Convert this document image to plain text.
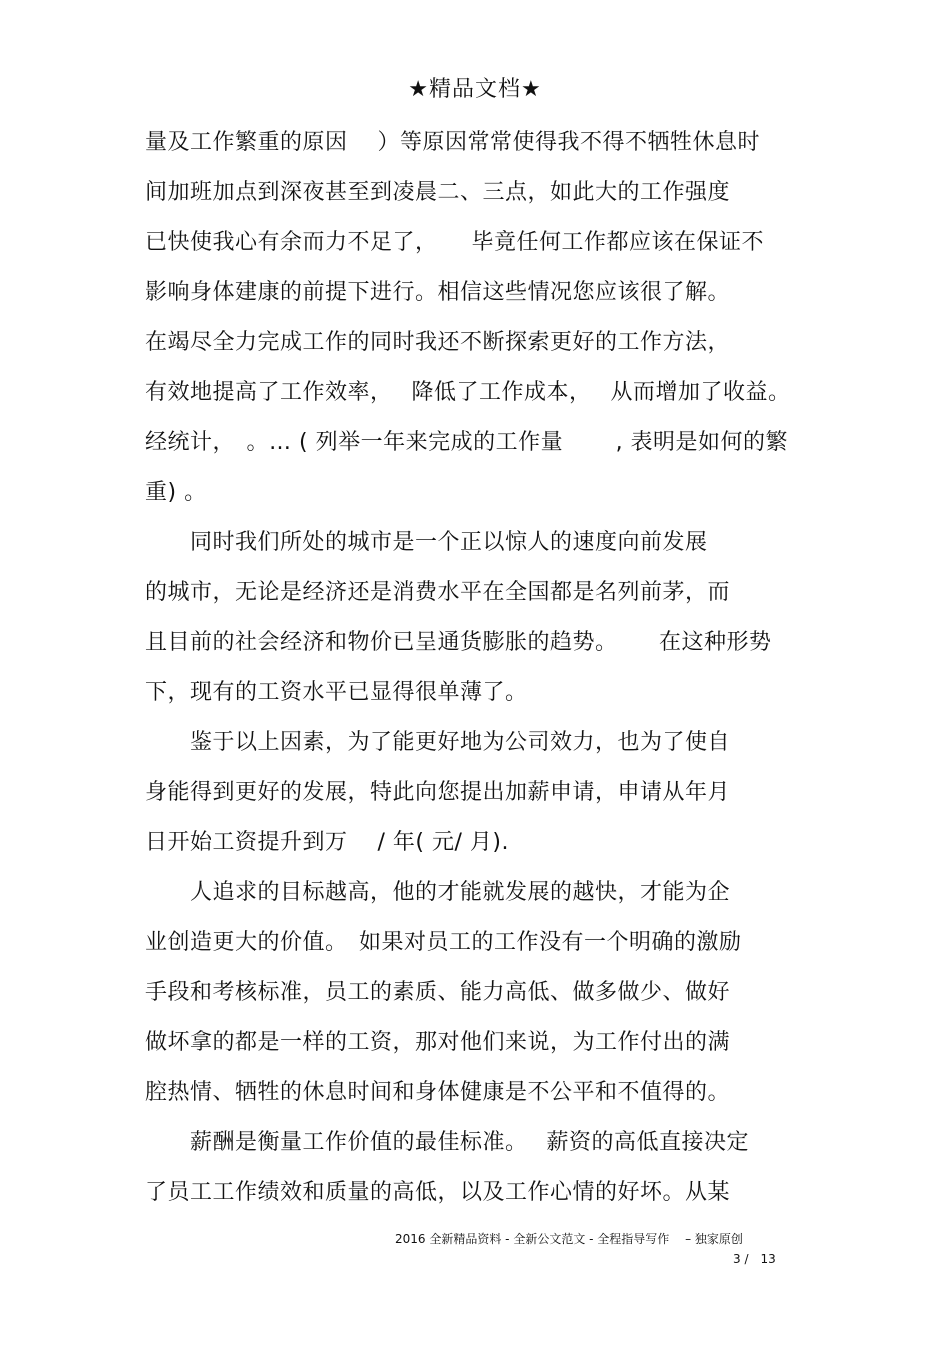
★精品文档★
量及工作繁重的原因　 ）等原因常常使得我不得不牺牲休息时
间加班加点到深夜甚至到凌晨二、三点，如此大的工作强度
已快使我心有余而力不足了，　　毕竟任何工作都应该在保证不
影响身体建康的前提下进行。相信这些情况您应该很了解。
在竭尽全力完成工作的同时我还不断探索更好的工作方法，
有效地提高了工作效率，　 降低了工作成本，　 从而增加了收益。
经统计，　。… ( 列举一年来完成的工作量　　 , 表明是如何的繁
重) 。
　　同时我们所处的城市是一个正以惊人的速度向前发展
的城市，无论是经济还是消费水平在全国都是名列前茅，而
且目前的社会经济和物价已呈通货膨胀的趋势。　　 在这种形势
下，现有的工资水平已显得很单薄了。
　　鉴于以上因素，为了能更好地为公司效力，也为了使自
身能得到更好的发展，特此向您提出加薪申请，申请从年月
日开始工资提升到万　 / 年( 元/ 月).
　　人追求的目标越高，他的才能就发展的越快，才能为企
业创造更大的价值。　如果对员工的工作没有一个明确的激励
手段和考核标准，员工的素质、能力高低、做多做少、做好
做坏拿的都是一样的工资，那对他们来说，为工作付出的满
腔热情、牺牲的休息时间和身体健康是不公平和不值得的。
　　薪酬是衡量工作价值的最佳标准。　 薪资的高低直接决定
了员工工作绩效和质量的高低，以及工作心情的好坏。从某
2016 全新精品资料 - 全新公文范文 - 全程指导写作　 – 独家原创
3 /　13
